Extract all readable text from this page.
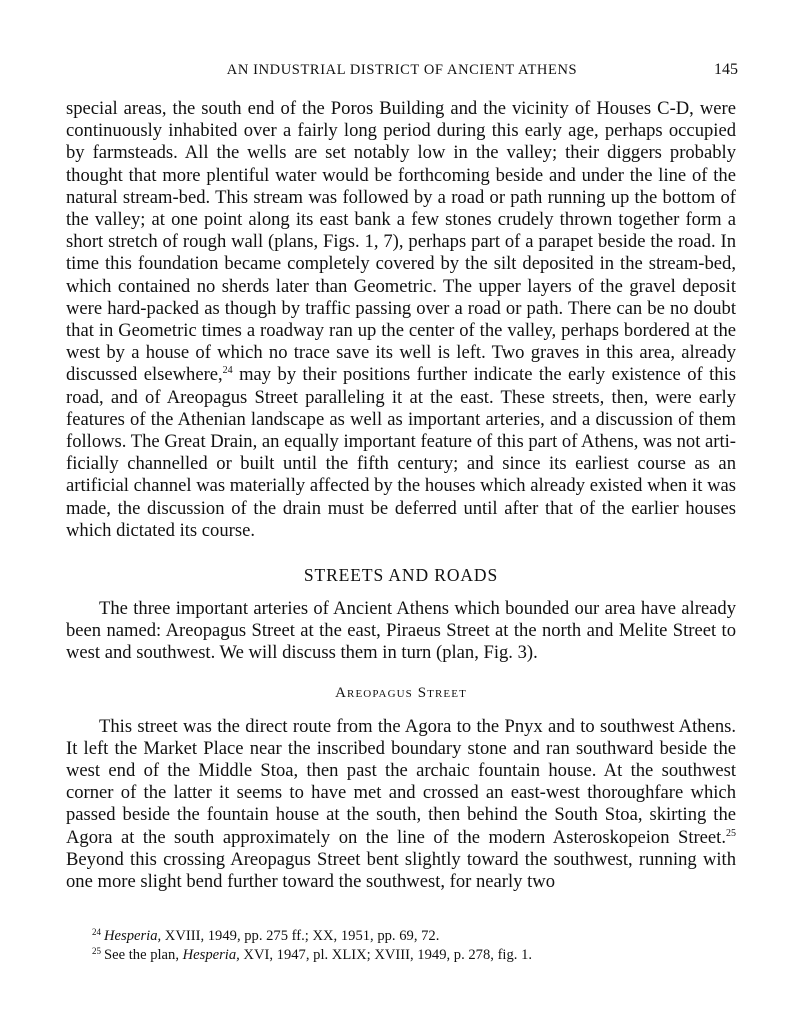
AN INDUSTRIAL DISTRICT OF ANCIENT ATHENS	145

special areas, the south end of the Poros Building and the vicinity of Houses C-D, were continuously inhabited over a fairly long period during this early age, perhaps occupied by farmsteads. All the wells are set notably low in the valley; their diggers probably thought that more plentiful water would be forthcoming beside and under the line of the natural stream-bed. This stream was followed by a road or path running up the bottom of the valley; at one point along its east bank a few stones crudely thrown together form a short stretch of rough wall (plans, Figs. 1, 7), perhaps part of a parapet beside the road. In time this foundation became completely covered by the silt deposited in the stream-bed, which contained no sherds later than Geometric. The upper layers of the gravel deposit were hard-packed as though by traffic passing over a road or path. There can be no doubt that in Geometric times a roadway ran up the center of the valley, perhaps bordered at the west by a house of which no trace save its well is left. Two graves in this area, already discussed elsewhere,$^{24}$ may by their positions further indicate the early existence of this road, and of Areopagus Street paralleling it at the east. These streets, then, were early features of the Athenian landscape as well as important arteries, and a discussion of them follows. The Great Drain, an equally important feature of this part of Athens, was not artificially channelled or built until the fifth century; and since its earliest course as an artificial channel was materially affected by the houses which already existed when it was made, the discussion of the drain must be deferred until after that of the earlier houses which dictated its course.

STREETS AND ROADS

The three important arteries of Ancient Athens which bounded our area have already been named: Areopagus Street at the east, Piraeus Street at the north and Melite Street to west and southwest. We will discuss them in turn (plan, Fig. 3).

Areopagus Street

This street was the direct route from the Agora to the Pnyx and to southwest Athens. It left the Market Place near the inscribed boundary stone and ran southward beside the west end of the Middle Stoa, then past the archaic fountain house. At the southwest corner of the latter it seems to have met and crossed an east-west thoroughfare which passed beside the fountain house at the south, then behind the South Stoa, skirting the Agora at the south approximately on the line of the modern Asteroskopeion Street.$^{25}$ Beyond this crossing Areopagus Street bent slightly toward the southwest, running with one more slight bend further toward the southwest, for nearly two

$^{24}$ Hesperia, XVIII, 1949, pp. 275 ff.; XX, 1951, pp. 69, 72.
$^{25}$ See the plan, Hesperia, XVI, 1947, pl. XLIX; XVIII, 1949, p. 278, fig. 1.
